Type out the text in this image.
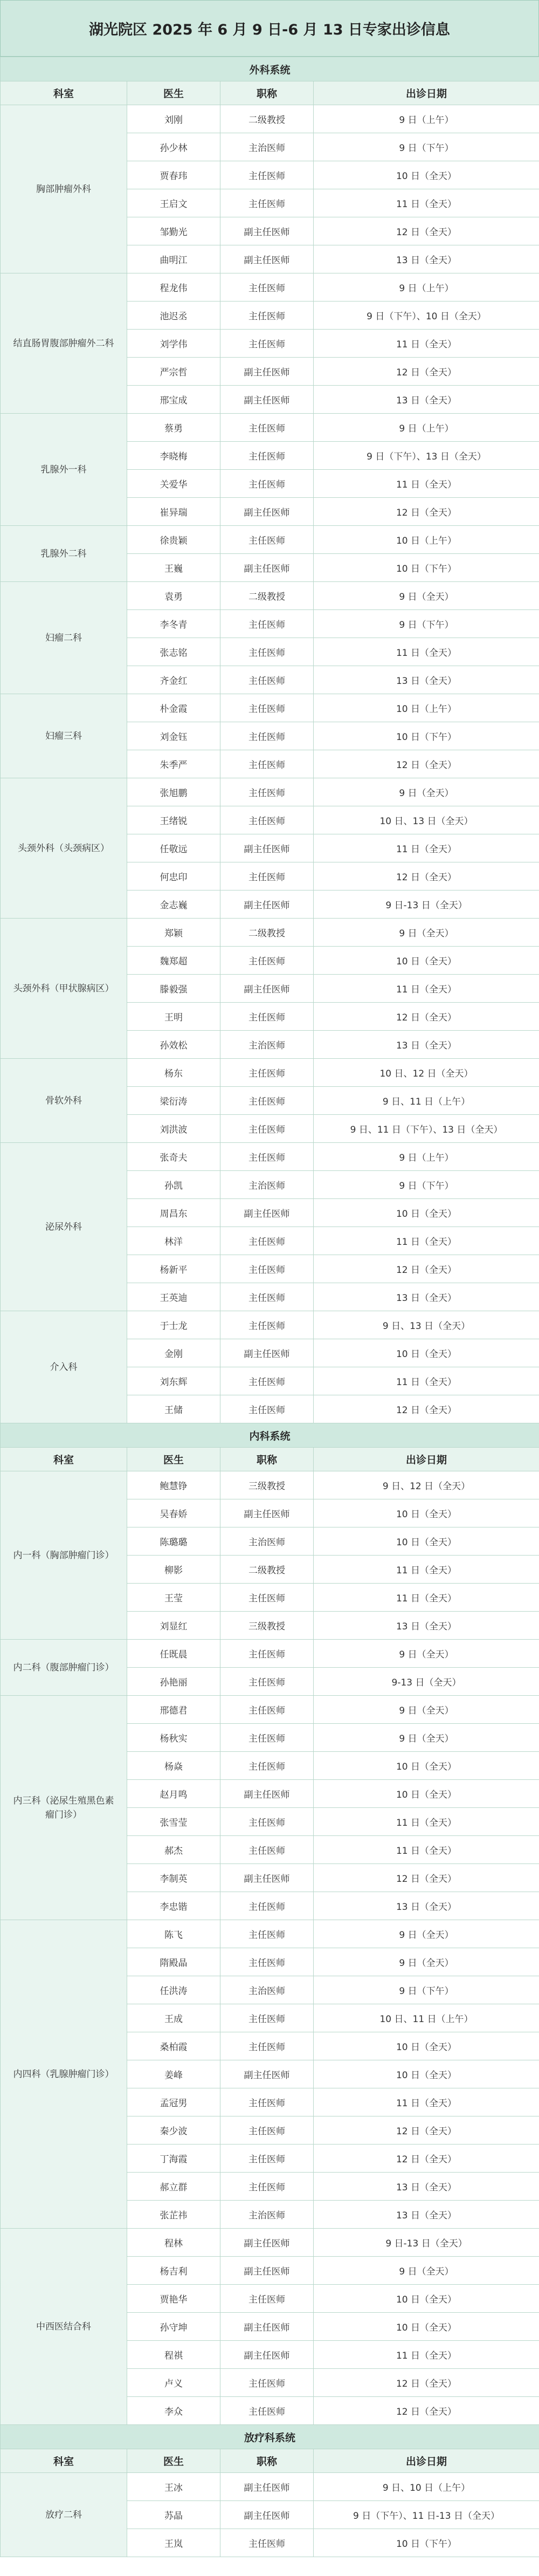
湖光院区 2025 年 6 月 9 日-6 月 13 日专家出诊信息
外科系统			
科室	医生	职称	出诊日期
胸部肿瘤外科	刘刚	二级教授	9 日（上午）
	孙少林	主治医师	9 日（下午）
	贾春玮	主任医师	10 日（全天）
	王启文	主任医师	11 日（全天）
	邹勤光	副主任医师	12 日（全天）
	曲明江	副主任医师	13 日（全天）
结直肠胃腹部肿瘤外二科	程龙伟	主任医师	9 日（上午）
	池迟丞	主任医师	9 日（下午）、10 日（全天）
	刘学伟	主任医师	11 日（全天）
	严宗哲	副主任医师	12 日（全天）
	邢宝成	副主任医师	13 日（全天）
乳腺外一科	蔡勇	主任医师	9 日（上午）
	李晓梅	主任医师	9 日（下午）、13 日（全天）
	关爱华	主任医师	11 日（全天）
	崔异瑞	副主任医师	12 日（全天）
乳腺外二科	徐贵颖	主任医师	10 日（上午）
	王巍	副主任医师	10 日（下午）
妇瘤二科	袁勇	二级教授	9 日（全天）
	李冬青	主任医师	9 日（下午）
	张志铭	主任医师	11 日（全天）
	齐金红	主任医师	13 日（全天）
妇瘤三科	朴金霞	主任医师	10 日（上午）
	刘金钰	主任医师	10 日（下午）
	朱季严	主任医师	12 日（全天）
头颈外科（头颈病区）	张旭鹏	主任医师	9 日（全天）
	王绪锐	主任医师	10 日、13 日（全天）
	任敬远	副主任医师	11 日（全天）
	何忠印	主任医师	12 日（全天）
	金志巍	副主任医师	9 日-13 日（全天）
头颈外科（甲状腺病区）	郑颖	二级教授	9 日（全天）
	魏郑超	主任医师	10 日（全天）
	滕毅强	副主任医师	11 日（全天）
	王明	主任医师	12 日（全天）
	孙效松	主治医师	13 日（全天）
骨软外科	杨东	主任医师	10 日、12 日（全天）
	梁衍涛	主任医师	9 日、11 日（上午）
	刘洪波	主任医师	9 日、11 日（下午）、13 日（全天）
泌尿外科	张奇夫	主任医师	9 日（上午）
	孙凯	主治医师	9 日（下午）
	周昌东	副主任医师	10 日（全天）
	林洋	主任医师	11 日（全天）
	杨新平	主任医师	12 日（全天）
	王英迪	主任医师	13 日（全天）
介入科	于士龙	主任医师	9 日、13 日（全天）
	金刚	副主任医师	10 日（全天）
	刘东辉	主任医师	11 日（全天）
	王储	主任医师	12 日（全天）
内科系统			
科室	医生	职称	出诊日期
内一科（胸部肿瘤门诊）	鲍慧铮	三级教授	9 日、12 日（全天）
	吴春娇	副主任医师	10 日（全天）
	陈璐璐	主治医师	10 日（全天）
	柳影	二级教授	11 日（全天）
	王莹	主任医师	11 日（全天）
	刘显红	三级教授	13 日（全天）
内二科（腹部肿瘤门诊）	任既晨	主任医师	9 日（全天）
	孙艳丽	主任医师	9-13 日（全天）
内三科（泌尿生殖黑色素瘤门诊）	邢德君	主任医师	9 日（全天）
	杨秋实	主任医师	9 日（全天）
	杨焱	主任医师	10 日（全天）
	赵月鸣	副主任医师	10 日（全天）
	张雪莹	主任医师	11 日（全天）
	郝杰	主任医师	11 日（全天）
	李制英	副主任医师	12 日（全天）
	李忠锴	主任医师	13 日（全天）
内四科（乳腺肿瘤门诊）	陈飞	主任医师	9 日（全天）
	隋殿晶	主任医师	9 日（全天）
	任洪涛	主治医师	9 日（下午）
	王成	主任医师	10 日、11 日（上午）
	桑柏霞	主任医师	10 日（全天）
	姜峰	副主任医师	10 日（全天）
	孟冠男	主任医师	11 日（全天）
	秦少波	主任医师	12 日（全天）
	丁海霞	主任医师	12 日（全天）
	郝立群	主任医师	13 日（全天）
	张芷祎	主治医师	13 日（全天）
中西医结合科	程林	副主任医师	9 日-13 日（全天）
	杨吉利	副主任医师	9 日（全天）
	贾艳华	主任医师	10 日（全天）
	孙守坤	副主任医师	10 日（全天）
	程祺	副主任医师	11 日（全天）
	卢义	主任医师	12 日（全天）
	李众	主任医师	12 日（全天）
放疗科系统			
科室	医生	职称	出诊日期
放疗二科	王冰	副主任医师	9 日、10 日（上午）
	苏晶	副主任医师	9 日（下午）、11 日-13 日（全天）
	王岚	主任医师	10 日（下午）
